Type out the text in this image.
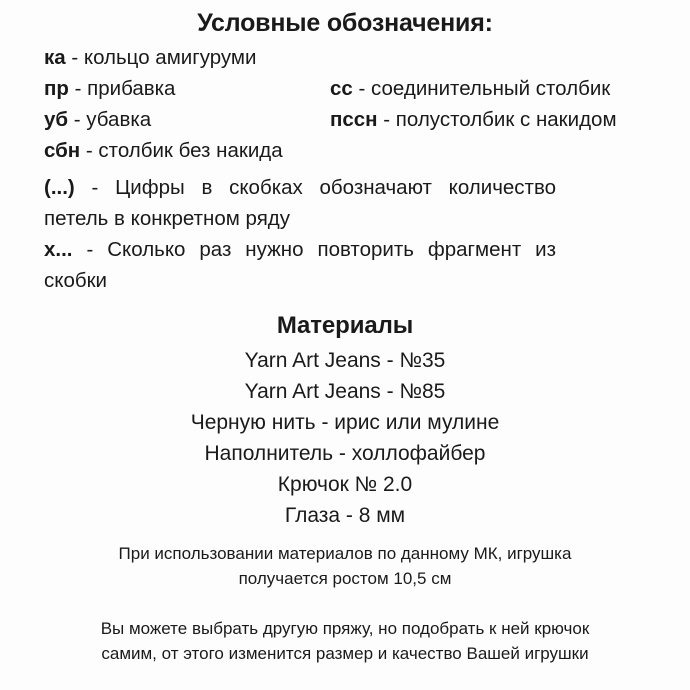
Условные обозначения:
ка - кольцо амигуруми
пр - прибавка	сс - соединительный столбик
уб - убавка	пссн - полустолбик с накидом
сбн - столбик без накида
(...) - Цифры в скобках обозначают количество петель в конкретном ряду
х... - Сколько раз нужно повторить фрагмент из скобки
Материалы
Yarn Art Jeans - №35
Yarn Art Jeans - №85
Черную нить - ирис или мулине
Наполнитель - холлофайбер
Крючок № 2.0
Глаза - 8 мм
При использовании материалов по данному МК, игрушка
получается ростом 10,5 см
Вы можете выбрать другую пряжу, но подобрать к ней крючок
самим, от этого изменится размер и качество Вашей игрушки
